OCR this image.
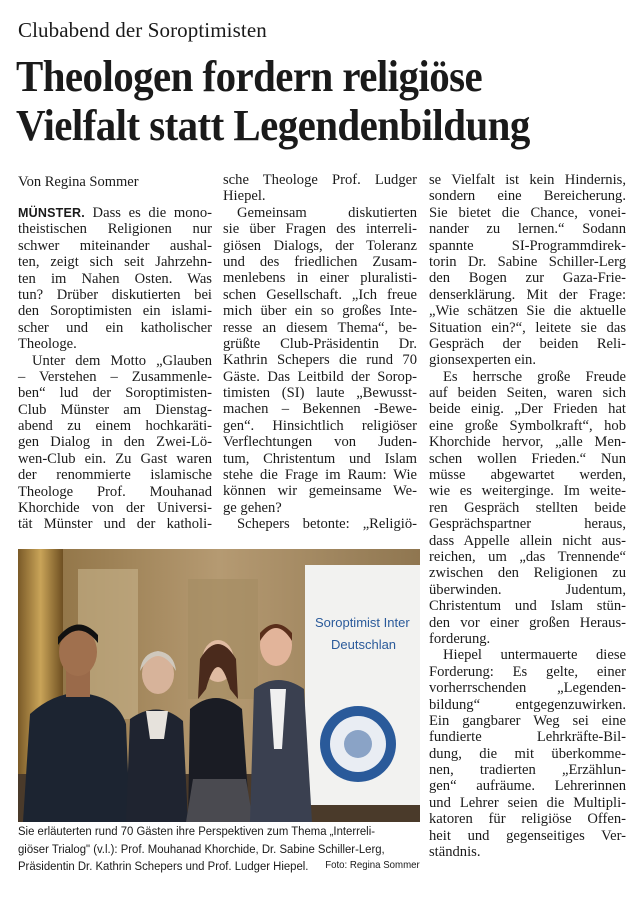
Clubabend der Soroptimisten
Theologen fordern religiöse
Vielfalt statt Legendenbildung
Von Regina Sommer
MÜNSTER. Dass es die mono-
theistischen Religionen nur
schwer miteinander aushal-
ten, zeigt sich seit Jahrzehn-
ten im Nahen Osten. Was
tun? Drüber diskutierten bei
den Soroptimisten ein islami-
scher und ein katholischer
Theologe.
Unter dem Motto „Glauben
– Verstehen – Zusammenle-
ben“ lud der Soroptimisten-
Club Münster am Dienstag-
abend zu einem hochkaräti-
gen Dialog in den Zwei-Lö-
wen-Club ein. Zu Gast waren
der renommierte islamische
Theologe Prof. Mouhanad
Khorchide von der Universi-
tät Münster und der katholi-
sche Theologe Prof. Ludger
Hiepel.
Gemeinsam diskutierten
sie über Fragen des interreli-
giösen Dialogs, der Toleranz
und des friedlichen Zusam-
menlebens in einer pluralisti-
schen Gesellschaft. „Ich freue
mich über ein so großes Inte-
resse an diesem Thema“, be-
grüßte Club-Präsidentin Dr.
Kathrin Schepers die rund 70
Gäste. Das Leitbild der Sorop-
timisten (SI) laute „Bewusst-
machen – Bekennen -Bewe-
gen“. Hinsichtlich religiöser
Verflechtungen von Juden-
tum, Christentum und Islam
stehe die Frage im Raum: Wie
können wir gemeinsame We-
ge gehen?
Schepers betonte: „Religiö-
se Vielfalt ist kein Hindernis,
sondern eine Bereicherung.
Sie bietet die Chance, vonei-
nander zu lernen.“ Sodann
spannte SI-Programmdirek-
torin Dr. Sabine Schiller-Lerg
den Bogen zur Gaza-Frie-
denserklärung. Mit der Frage:
„Wie schätzen Sie die aktuelle
Situation ein?“, leitete sie das
Gespräch der beiden Reli-
gionsexperten ein.
Es herrsche große Freude
auf beiden Seiten, waren sich
beide einig. „Der Frieden hat
eine große Symbolkraft“, hob
Khorchide hervor, „alle Men-
schen wollen Frieden.“ Nun
müsse abgewartet werden,
wie es weiterginge. Im weite-
ren Gespräch stellten beide
Gesprächspartner heraus,
dass Appelle allein nicht aus-
reichen, um „das Trennende“
zwischen den Religionen zu
überwinden. Judentum,
Christentum und Islam stün-
den vor einer großen Heraus-
forderung.
Hiepel untermauerte diese
Forderung: Es gelte, einer
vorherrschenden „Legenden-
bildung“ entgegenzuwirken.
Ein gangbarer Weg sei eine
fundierte Lehrkräfte-Bil-
dung, die mit überkomme-
nen, tradierten „Erzählun-
gen“ aufräume. Lehrerinnen
und Lehrer seien die Multipli-
katoren für religiöse Offen-
heit und gegenseitiges Ver-
ständnis.
Soroptimist Inter
Deutschlan
Sie erläuterten rund 70 Gästen ihre Perspektiven zum Thema „Interreli-
giöser Trialog" (v.l.): Prof. Mouhanad Khorchide, Dr. Sabine Schiller-Lerg,
Präsidentin Dr. Kathrin Schepers und Prof. Ludger Hiepel.	Foto: Regina Sommer
